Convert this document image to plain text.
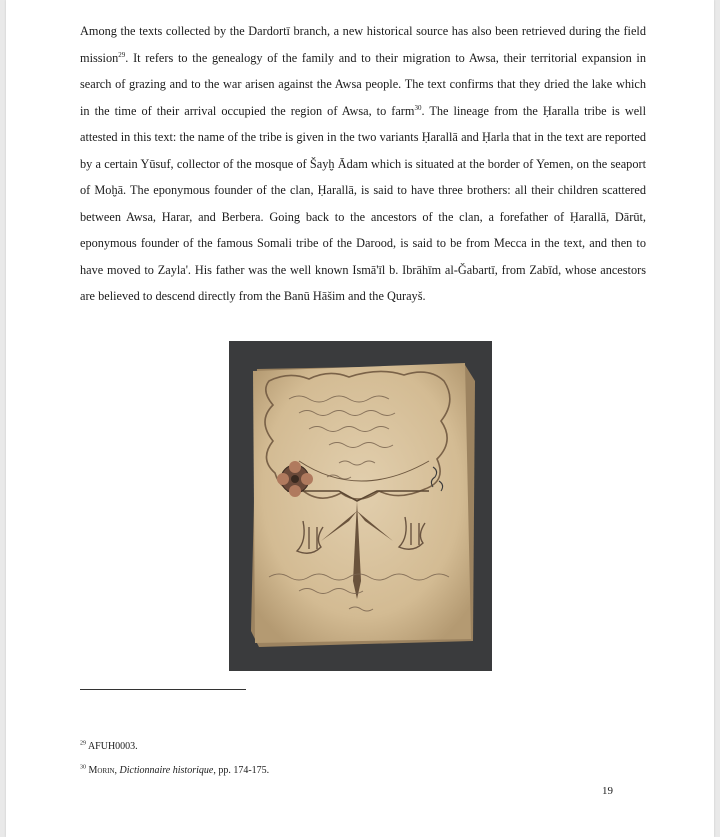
Among the texts collected by the Dardortī branch, a new historical source has also been retrieved during the field mission$^{29}$. It refers to the genealogy of the family and to their migration to Awsa, their territorial expansion in search of grazing and to the war arisen against the Awsa people. The text confirms that they dried the lake which in the time of their arrival occupied the region of Awsa, to farm$^{30}$. The lineage from the Ḥaralla tribe is well attested in this text: the name of the tribe is given in the two variants Ḥarallā and Ḥarla that in the text are reported by a certain Yūsuf, collector of the mosque of Šayḫ Ādam which is situated at the border of Yemen, on the seaport of Moḫā. The eponymous founder of the clan, Ḥarallā, is said to have three brothers: all their children scattered between Awsa, Harar, and Berbera. Going back to the ancestors of the clan, a forefather of Ḥarallā, Dārūt, eponymous founder of the famous Somali tribe of the Darood, is said to be from Mecca in the text, and then to have moved to Zayla'. His father was the well known Ismā'īl b. Ibrāhīm al-Ǧabartī, from Zabīd, whose ancestors are believed to descend directly from the Banū Hāšim and the Qurayš.

$^{29}$ AFUH0003.
$^{30}$ Morin, Dictionnaire historique, pp. 174-175.
19
